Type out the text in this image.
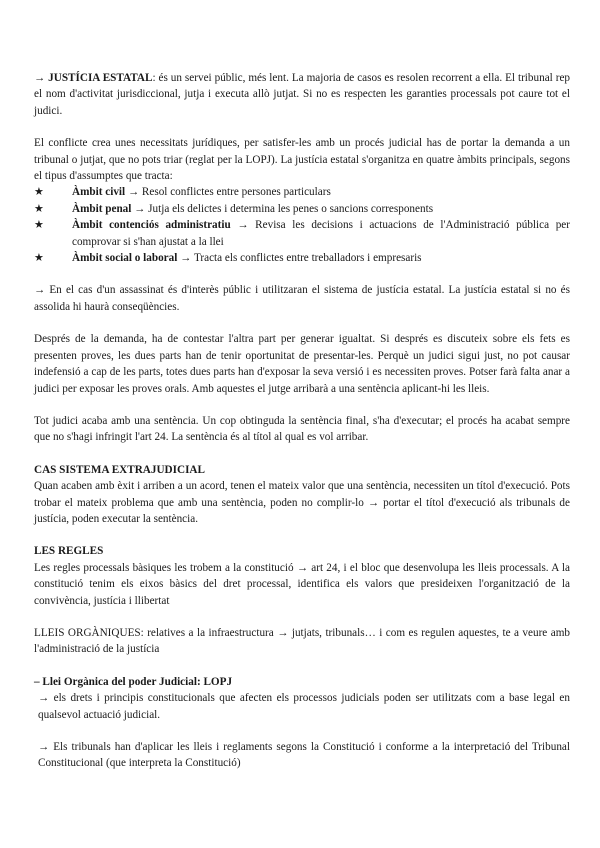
→ JUSTÍCIA ESTATAL: és un servei públic, més lent. La majoria de casos es resolen recorrent a ella. El tribunal rep el nom d'activitat jurisdiccional, jutja i executa allò jutjat. Si no es respecten les garanties processals pot caure tot el judici.

El conflicte crea unes necessitats jurídiques, per satisfer-les amb un procés judicial has de portar la demanda a un tribunal o jutjat, que no pots triar (reglat per la LOPJ). La justícia estatal s'organitza en quatre àmbits principals, segons el tipus d'assumptes que tracta:

★ Àmbit civil → Resol conflictes entre persones particulars
★ Àmbit penal → Jutja els delictes i determina les penes o sancions corresponents
★ Àmbit contenciós administratiu → Revisa les decisions i actuacions de l'Administració pública per comprovar si s'han ajustat a la llei
★ Àmbit social o laboral → Tracta els conflictes entre treballadors i empresaris

→ En el cas d'un assassinat és d'interès públic i utilitzaran el sistema de justícia estatal. La justícia estatal si no és assolida hi haurà conseqüències.

Després de la demanda, ha de contestar l'altra part per generar igualtat. Si després es discuteix sobre els fets es presenten proves, les dues parts han de tenir oportunitat de presentar-les. Perquè un judici sigui just, no pot causar indefensió a cap de les parts, totes dues parts han d'exposar la seva versió i es necessiten proves. Potser farà falta anar a judici per exposar les proves orals. Amb aquestes el jutge arribarà a una sentència aplicant-hi les lleis.

Tot judici acaba amb una sentència. Un cop obtinguda la sentència final, s'ha d'executar; el procés ha acabat sempre que no s'hagi infringit l'art 24. La sentència és al títol al qual es vol arribar.

CAS SISTEMA EXTRAJUDICIAL

Quan acaben amb èxit i arriben a un acord, tenen el mateix valor que una sentència, necessiten un títol d'execució. Pots trobar el mateix problema que amb una sentència, poden no complir-lo → portar el títol d'execució als tribunals de justícia, poden executar la sentència.

LES REGLES

Les regles processals bàsiques les trobem a la constitució → art 24, i el bloc que desenvolupa les lleis processals. A la constitució tenim els eixos bàsics del dret processal, identifica els valors que presideixen l'organització de la convivència, justícia i llibertat

LLEIS ORGÀNIQUES: relatives a la infraestructura → jutjats, tribunals… i com es regulen aquestes, te a veure amb l'administració de la justícia

– Llei Orgànica del poder Judicial: LOPJ

→ els drets i principis constitucionals que afecten els processos judicials poden ser utilitzats com a base legal en qualsevol actuació judicial.

→ Els tribunals han d'aplicar les lleis i reglaments segons la Constitució i conforme a la interpretació del Tribunal Constitucional (que interpreta la Constitució)
